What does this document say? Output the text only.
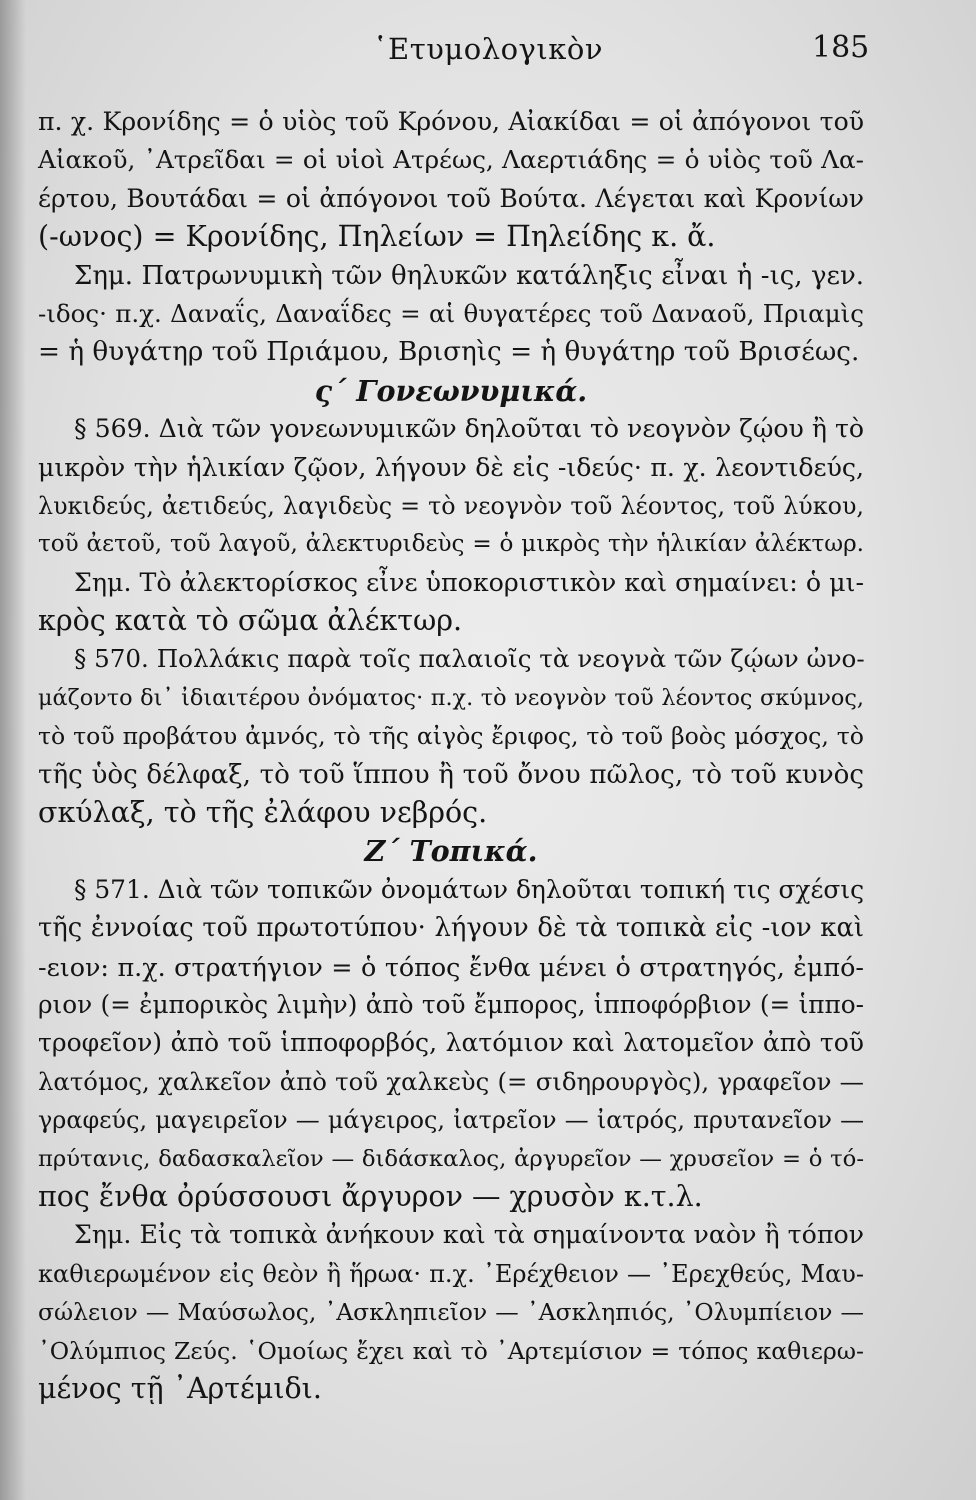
῾Ετυμολογικὸν	185
π. χ. Κρονίδης = ὁ υἱὸς τοῦ Κρόνου, Αἰακίδαι = οἱ ἀπόγονοι τοῦ
Αἰακοῦ, ᾿Ατρεῖδαι = οἱ υἱοὶ Ατρέως, Λαερτιάδης = ὁ υἱὸς τοῦ Λα-
έρτου, Βουτάδαι = οἱ ἀπόγονοι τοῦ Βούτα. Λέγεται καὶ Κρονίων
(-ωνος) = Κρονίδης, Πηλείων = Πηλείδης κ. ἄ.
Σημ. Πατρωνυμικὴ τῶν θηλυκῶν κατάληξις εἶναι ἡ -ις, γεν.
-ιδος· π.χ. Δαναΐς, Δαναΐδες = αἱ θυγατέρες τοῦ Δαναοῦ, Πριαμὶς
= ἡ θυγάτηρ τοῦ Πριάμου, Βρισηὶς = ἡ θυγάτηρ τοῦ Βρισέως.
ς΄ Γονεωνυμικά.
§ 569. Διὰ τῶν γονεωνυμικῶν δηλοῦται τὸ νεογνὸν ζῴου ἢ τὸ
μικρὸν τὴν ἡλικίαν ζῷον, λήγουν δὲ εἰς -ιδεύς· π. χ. λεοντιδεύς,
λυκιδεύς, ἀετιδεύς, λαγιδεὺς = τὸ νεογνὸν τοῦ λέοντος, τοῦ λύκου,
τοῦ ἀετοῦ, τοῦ λαγοῦ, ἀλεκτυριδεὺς = ὁ μικρὸς τὴν ἡλικίαν ἀλέκτωρ.
Σημ. Τὸ ἀλεκτορίσκος εἶνε ὑποκοριστικὸν καὶ σημαίνει: ὁ μι-
κρὸς κατὰ τὸ σῶμα ἀλέκτωρ.
§ 570. Πολλάκις παρὰ τοῖς παλαιοῖς τὰ νεογνὰ τῶν ζῴων ὠνο-
μάζοντο δι᾿ ἰδιαιτέρου ὀνόματος· π.χ. τὸ νεογνὸν τοῦ λέοντος σκύμνος,
τὸ τοῦ προβάτου ἀμνός, τὸ τῆς αἰγὸς ἔριφος, τὸ τοῦ βοὸς μόσχος, τὸ
τῆς ὑὸς δέλφαξ, τὸ τοῦ ἵππου ἢ τοῦ ὄνου πῶλος, τὸ τοῦ κυνὸς
σκύλαξ, τὸ τῆς ἐλάφου νεβρός.
Ζ΄ Τοπικά.
§ 571. Διὰ τῶν τοπικῶν ὀνομάτων δηλοῦται τοπική τις σχέσις
τῆς ἐννοίας τοῦ πρωτοτύπου· λήγουν δὲ τὰ τοπικὰ εἰς -ιον καὶ
-ειον: π.χ. στρατήγιον = ὁ τόπος ἔνθα μένει ὁ στρατηγός, ἐμπό-
ριον (= ἐμπορικὸς λιμὴν) ἀπὸ τοῦ ἔμπορος, ἱπποφόρβιον (= ἱππο-
τροφεῖον) ἀπὸ τοῦ ἱπποφορβός, λατόμιον καὶ λατομεῖον ἀπὸ τοῦ
λατόμος, χαλκεῖον ἀπὸ τοῦ χαλκεὺς (= σιδηρουργὸς), γραφεῖον —
γραφεύς, μαγειρεῖον — μάγειρος, ἰατρεῖον — ἰατρός, πρυτανεῖον —
πρύτανις, δαδασκαλεῖον — διδάσκαλος, ἀργυρεῖον — χρυσεῖον = ὁ τό-
πος ἔνθα ὀρύσσουσι ἄργυρον — χρυσὸν κ.τ.λ.
Σημ. Εἰς τὰ τοπικὰ ἀνήκουν καὶ τὰ σημαίνοντα ναὸν ἢ τόπον
καθιερωμένον εἰς θεὸν ἢ ἥρωα· π.χ. ᾿Ερέχθειον — ᾿Ερεχθεύς, Μαυ-
σώλειον — Μαύσωλος, ᾿Ασκληπιεῖον — ᾿Ασκληπιός, ᾿Ολυμπίειον —
᾿Ολύμπιος Ζεύς. ῾Ομοίως ἔχει καὶ τὸ ᾿Αρτεμίσιον = τόπος καθιερω-
μένος τῇ ᾿Αρτέμιδι.
